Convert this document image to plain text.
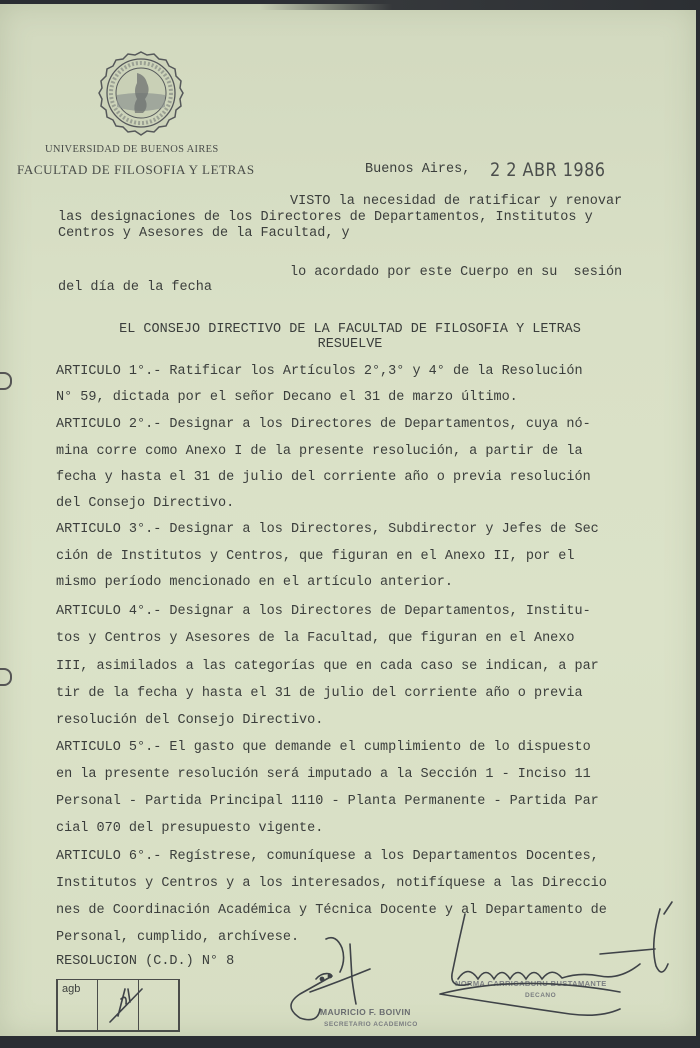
UNIVERSIDAD DE BUENOS AIRES
FACULTAD DE FILOSOFIA Y LETRAS	Buenos Aires, 2 2 ABR 1986
VISTO la necesidad de ratificar y renovar
las designaciones de los Directores de Departamentos, Institutos y
Centros y Asesores de la Facultad, y
lo acordado por este Cuerpo en su  sesión
del día de la fecha
EL CONSEJO DIRECTIVO DE LA FACULTAD DE FILOSOFIA Y LETRAS
RESUELVE
ARTICULO 1°.- Ratificar los Artículos 2°,3° y 4° de la Resolución
N° 59, dictada por el señor Decano el 31 de marzo último.
ARTICULO 2°.- Designar a los Directores de Departamentos, cuya nó-
mina corre como Anexo I de la presente resolución, a partir de la
fecha y hasta el 31 de julio del corriente año o previa resolución
del Consejo Directivo.
ARTICULO 3°.- Designar a los Directores, Subdirector y Jefes de Sec
ción de Institutos y Centros, que figuran en el Anexo II, por el
mismo período mencionado en el artículo anterior.
ARTICULO 4°.- Designar a los Directores de Departamentos, Institu-
tos y Centros y Asesores de la Facultad, que figuran en el Anexo
III, asimilados a las categorías que en cada caso se indican, a par
tir de la fecha y hasta el 31 de julio del corriente año o previa
resolución del Consejo Directivo.
ARTICULO 5°.- El gasto que demande el cumplimiento de lo dispuesto
en la presente resolución será imputado a la Sección 1 - Inciso 11
Personal - Partida Principal 1110 - Planta Permanente - Partida Par
cial 070 del presupuesto vigente.
ARTICULO 6°.- Regístrese, comuníquese a los Departamentos Docentes,
Institutos y Centros y a los interesados, notifíquese a las Direccio
nes de Coordinación Académica y Técnica Docente y al Departamento de
Personal, cumplido, archívese.
RESOLUCION (C.D.) N° 8
agb
MAURICIO F. BOIVIN
SECRETARIO ACADEMICO
NORMA CARRICABURU BUSTAMANTE
DECANO
